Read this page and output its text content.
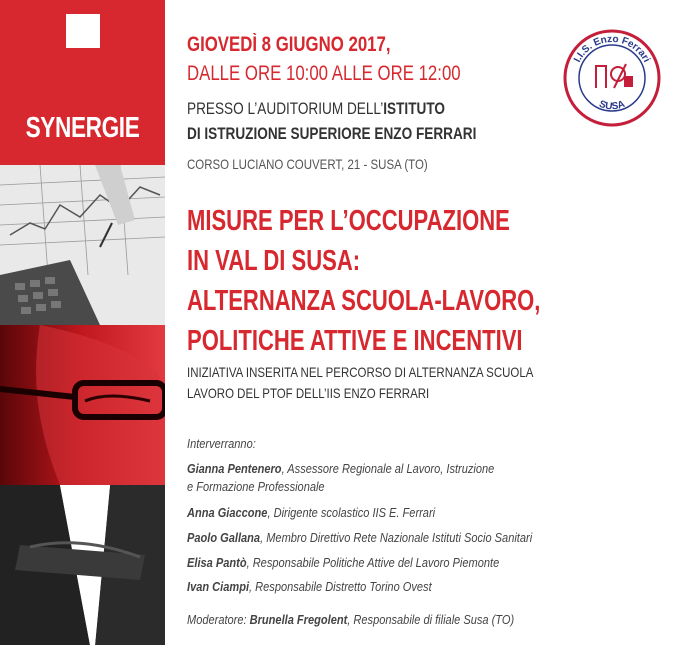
SYNERGIE
GIOVEDÌ 8 GIUGNO 2017,
DALLE ORE 10:00 ALLE ORE 12:00
PRESSO L’AUDITORIUM DELL’ISTITUTO
DI ISTRUZIONE SUPERIORE ENZO FERRARI
CORSO LUCIANO COUVERT, 21 - SUSA (TO)
I.I.S. Enzo Ferrari
SUSA
MISURE PER L’OCCUPAZIONE
IN VAL DI SUSA:
ALTERNANZA SCUOLA-LAVORO,
POLITICHE ATTIVE E INCENTIVI
INIZIATIVA INSERITA NEL PERCORSO DI ALTERNANZA SCUOLA
LAVORO DEL PTOF DELL’IIS ENZO FERRARI
Interverranno:
Gianna Pentenero, Assessore Regionale al Lavoro, Istruzione
e Formazione Professionale
Anna Giaccone, Dirigente scolastico IIS E. Ferrari
Paolo Gallana, Membro Direttivo Rete Nazionale Istituti Socio Sanitari
Elisa Pantò, Responsabile Politiche Attive del Lavoro Piemonte
Ivan Ciampi, Responsabile Distretto Torino Ovest
Moderatore: Brunella Fregolent, Responsabile di filiale Susa (TO)
